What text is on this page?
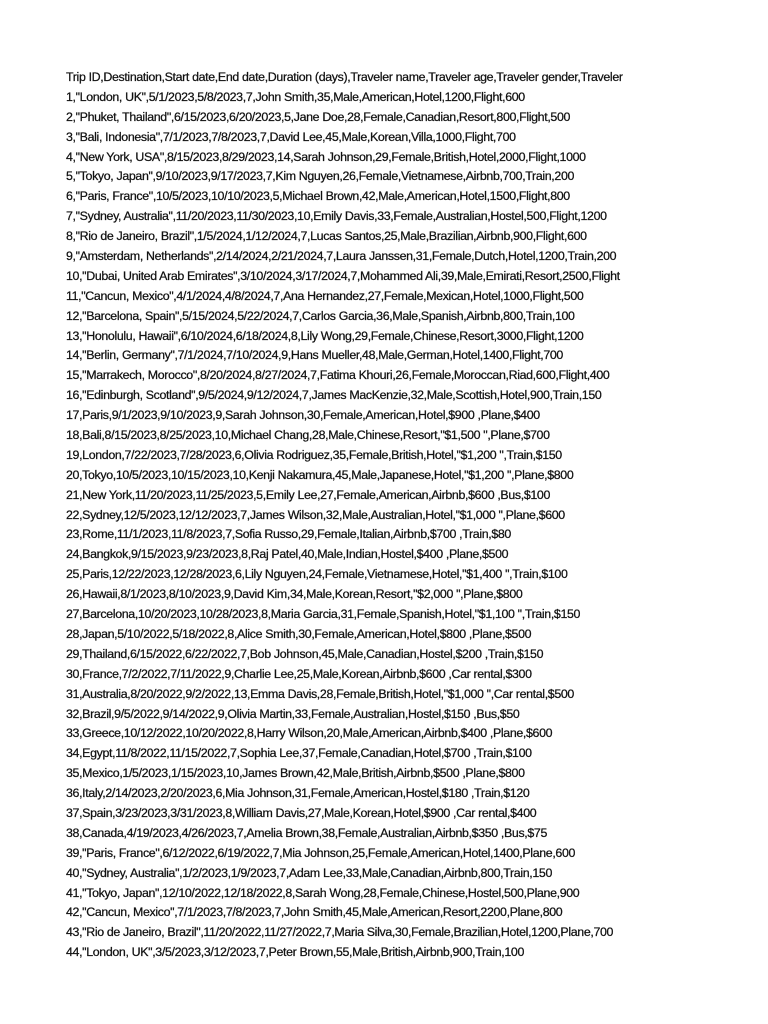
Trip ID,Destination,Start date,End date,Duration (days),Traveler name,Traveler age,Traveler gender,Traveler
1,"London, UK",5/1/2023,5/8/2023,7,John Smith,35,Male,American,Hotel,1200,Flight,600
2,"Phuket, Thailand",6/15/2023,6/20/2023,5,Jane Doe,28,Female,Canadian,Resort,800,Flight,500
3,"Bali, Indonesia",7/1/2023,7/8/2023,7,David Lee,45,Male,Korean,Villa,1000,Flight,700
4,"New York, USA",8/15/2023,8/29/2023,14,Sarah Johnson,29,Female,British,Hotel,2000,Flight,1000
5,"Tokyo, Japan",9/10/2023,9/17/2023,7,Kim Nguyen,26,Female,Vietnamese,Airbnb,700,Train,200
6,"Paris, France",10/5/2023,10/10/2023,5,Michael Brown,42,Male,American,Hotel,1500,Flight,800
7,"Sydney, Australia",11/20/2023,11/30/2023,10,Emily Davis,33,Female,Australian,Hostel,500,Flight,1200
8,"Rio de Janeiro, Brazil",1/5/2024,1/12/2024,7,Lucas Santos,25,Male,Brazilian,Airbnb,900,Flight,600
9,"Amsterdam, Netherlands",2/14/2024,2/21/2024,7,Laura Janssen,31,Female,Dutch,Hotel,1200,Train,200
10,"Dubai, United Arab Emirates",3/10/2024,3/17/2024,7,Mohammed Ali,39,Male,Emirati,Resort,2500,Flight
11,"Cancun, Mexico",4/1/2024,4/8/2024,7,Ana Hernandez,27,Female,Mexican,Hotel,1000,Flight,500
12,"Barcelona, Spain",5/15/2024,5/22/2024,7,Carlos Garcia,36,Male,Spanish,Airbnb,800,Train,100
13,"Honolulu, Hawaii",6/10/2024,6/18/2024,8,Lily Wong,29,Female,Chinese,Resort,3000,Flight,1200
14,"Berlin, Germany",7/1/2024,7/10/2024,9,Hans Mueller,48,Male,German,Hotel,1400,Flight,700
15,"Marrakech, Morocco",8/20/2024,8/27/2024,7,Fatima Khouri,26,Female,Moroccan,Riad,600,Flight,400
16,"Edinburgh, Scotland",9/5/2024,9/12/2024,7,James MacKenzie,32,Male,Scottish,Hotel,900,Train,150
17,Paris,9/1/2023,9/10/2023,9,Sarah Johnson,30,Female,American,Hotel,$900 ,Plane,$400
18,Bali,8/15/2023,8/25/2023,10,Michael Chang,28,Male,Chinese,Resort,"$1,500 ",Plane,$700
19,London,7/22/2023,7/28/2023,6,Olivia Rodriguez,35,Female,British,Hotel,"$1,200 ",Train,$150
20,Tokyo,10/5/2023,10/15/2023,10,Kenji Nakamura,45,Male,Japanese,Hotel,"$1,200 ",Plane,$800
21,New York,11/20/2023,11/25/2023,5,Emily Lee,27,Female,American,Airbnb,$600 ,Bus,$100
22,Sydney,12/5/2023,12/12/2023,7,James Wilson,32,Male,Australian,Hotel,"$1,000 ",Plane,$600
23,Rome,11/1/2023,11/8/2023,7,Sofia Russo,29,Female,Italian,Airbnb,$700 ,Train,$80
24,Bangkok,9/15/2023,9/23/2023,8,Raj Patel,40,Male,Indian,Hostel,$400 ,Plane,$500
25,Paris,12/22/2023,12/28/2023,6,Lily Nguyen,24,Female,Vietnamese,Hotel,"$1,400 ",Train,$100
26,Hawaii,8/1/2023,8/10/2023,9,David Kim,34,Male,Korean,Resort,"$2,000 ",Plane,$800
27,Barcelona,10/20/2023,10/28/2023,8,Maria Garcia,31,Female,Spanish,Hotel,"$1,100 ",Train,$150
28,Japan,5/10/2022,5/18/2022,8,Alice Smith,30,Female,American,Hotel,$800 ,Plane,$500
29,Thailand,6/15/2022,6/22/2022,7,Bob Johnson,45,Male,Canadian,Hostel,$200 ,Train,$150
30,France,7/2/2022,7/11/2022,9,Charlie Lee,25,Male,Korean,Airbnb,$600 ,Car rental,$300
31,Australia,8/20/2022,9/2/2022,13,Emma Davis,28,Female,British,Hotel,"$1,000 ",Car rental,$500
32,Brazil,9/5/2022,9/14/2022,9,Olivia Martin,33,Female,Australian,Hostel,$150 ,Bus,$50
33,Greece,10/12/2022,10/20/2022,8,Harry Wilson,20,Male,American,Airbnb,$400 ,Plane,$600
34,Egypt,11/8/2022,11/15/2022,7,Sophia Lee,37,Female,Canadian,Hotel,$700 ,Train,$100
35,Mexico,1/5/2023,1/15/2023,10,James Brown,42,Male,British,Airbnb,$500 ,Plane,$800
36,Italy,2/14/2023,2/20/2023,6,Mia Johnson,31,Female,American,Hostel,$180 ,Train,$120
37,Spain,3/23/2023,3/31/2023,8,William Davis,27,Male,Korean,Hotel,$900 ,Car rental,$400
38,Canada,4/19/2023,4/26/2023,7,Amelia Brown,38,Female,Australian,Airbnb,$350 ,Bus,$75
39,"Paris, France",6/12/2022,6/19/2022,7,Mia Johnson,25,Female,American,Hotel,1400,Plane,600
40,"Sydney, Australia",1/2/2023,1/9/2023,7,Adam Lee,33,Male,Canadian,Airbnb,800,Train,150
41,"Tokyo, Japan",12/10/2022,12/18/2022,8,Sarah Wong,28,Female,Chinese,Hostel,500,Plane,900
42,"Cancun, Mexico",7/1/2023,7/8/2023,7,John Smith,45,Male,American,Resort,2200,Plane,800
43,"Rio de Janeiro, Brazil",11/20/2022,11/27/2022,7,Maria Silva,30,Female,Brazilian,Hotel,1200,Plane,700
44,"London, UK",3/5/2023,3/12/2023,7,Peter Brown,55,Male,British,Airbnb,900,Train,100
